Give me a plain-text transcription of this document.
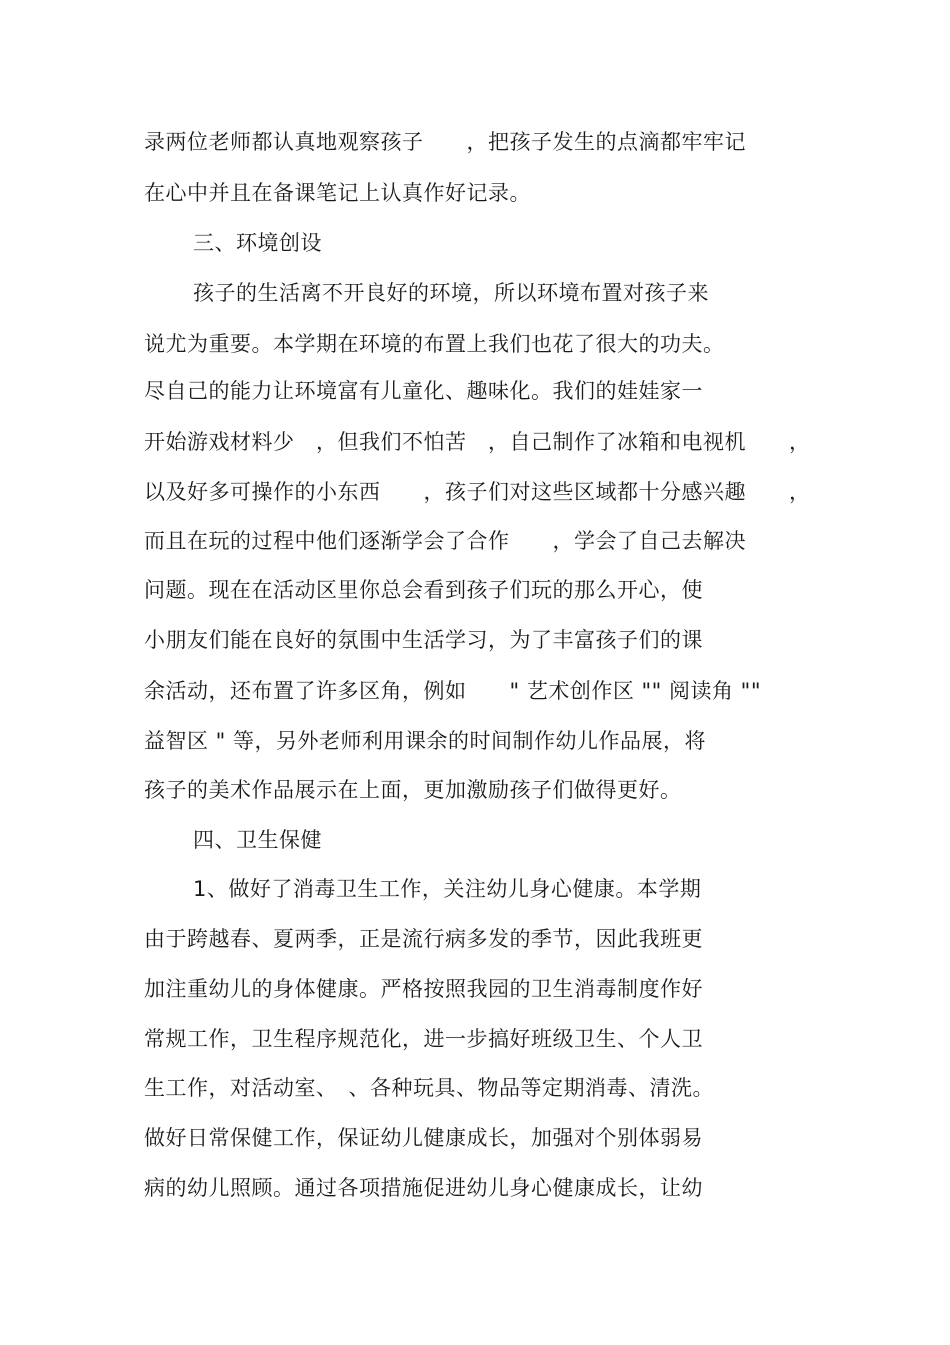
录两位老师都认真地观察孩子　　，把孩子发生的点滴都牢牢记
在心中并且在备课笔记上认真作好记录。
三、环境创设
孩子的生活离不开良好的环境，所以环境布置对孩子来
说尤为重要。本学期在环境的布置上我们也花了很大的功夫。
尽自己的能力让环境富有儿童化、趣味化。我们的娃娃家一
开始游戏材料少　，但我们不怕苦　，自己制作了冰箱和电视机　　，
以及好多可操作的小东西　　，孩子们对这些区域都十分感兴趣　　，
而且在玩的过程中他们逐渐学会了合作　　，学会了自己去解决
问题。现在在活动区里你总会看到孩子们玩的那么开心，使
小朋友们能在良好的氛围中生活学习，为了丰富孩子们的课
余活动，还布置了许多区角，例如　　" 艺术创作区 "" 阅读角 ""
益智区 " 等，另外老师利用课余的时间制作幼儿作品展，将
孩子的美术作品展示在上面，更加激励孩子们做得更好。
四、卫生保健
1、做好了消毒卫生工作，关注幼儿身心健康。本学期
由于跨越春、夏两季，正是流行病多发的季节，因此我班更
加注重幼儿的身体健康。严格按照我园的卫生消毒制度作好
常规工作，卫生程序规范化，进一步搞好班级卫生、个人卫
生工作，对活动室、　、各种玩具、物品等定期消毒、清洗。
做好日常保健工作，保证幼儿健康成长，加强对个别体弱易
病的幼儿照顾。通过各项措施促进幼儿身心健康成长，让幼
